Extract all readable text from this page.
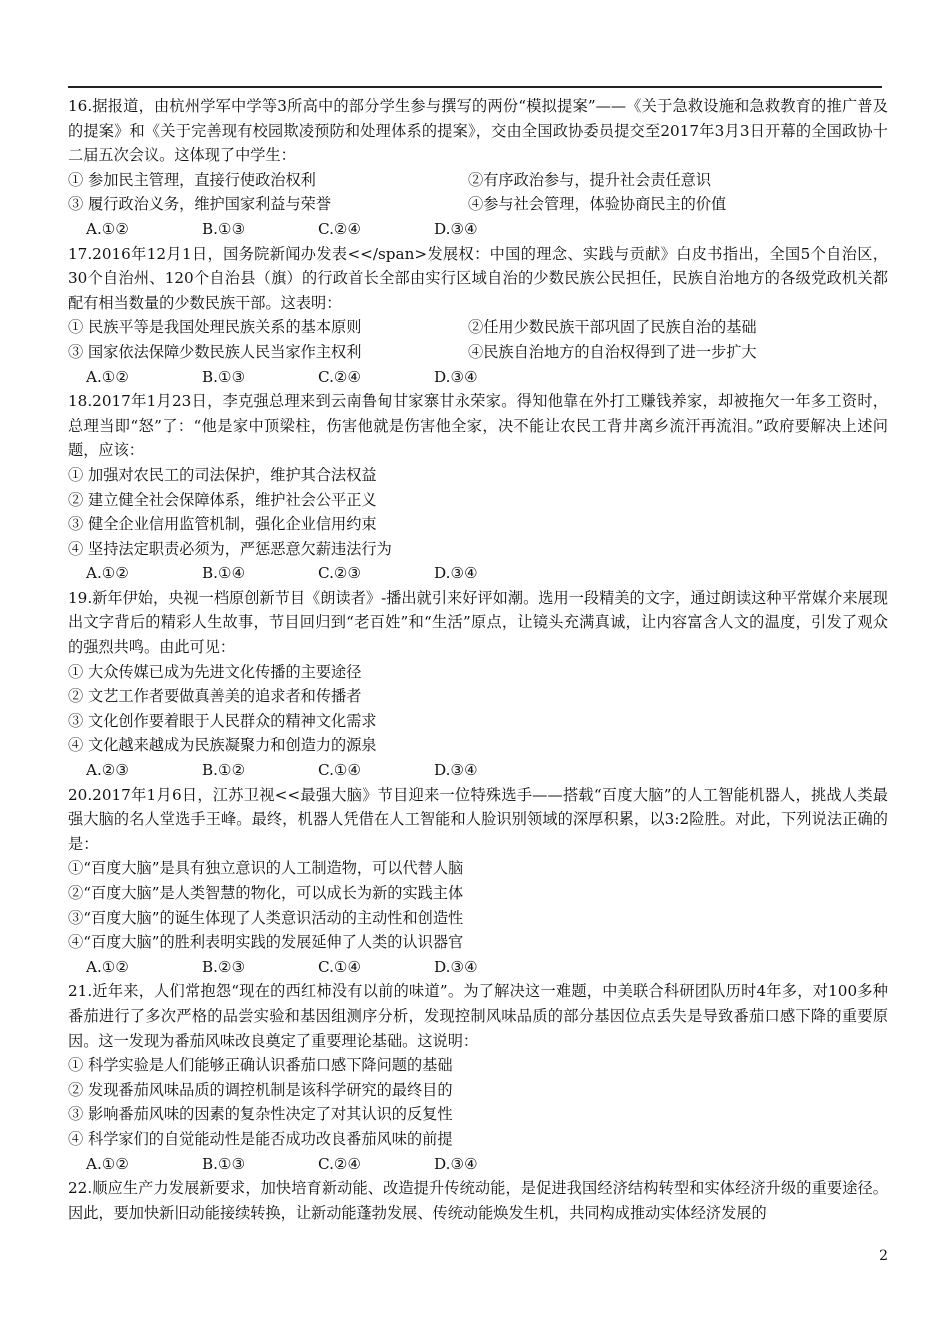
16.据报道，由杭州学军中学等3所高中的部分学生参与撰写的两份“模拟提案”——《关于急救设施和急救教育的推广普及的提案》和《关于完善现有校园欺凌预防和处理体系的提案》，交由全国政协委员提交至2017年3月3日开幕的全国政协十二届五次会议。这体现了中学生：

① 参加民主管理，直接行使政治权利	②有序政治参与，提升社会责任意识
③ 履行政治义务，维护国家利益与荣誉	④参与社会管理，体验协商民主的价值
A.①②	B.①③	C.②④	D.③④

17.2016年12月1日，国务院新闻办发表<</span>发展权：中国的理念、实践与贡献》白皮书指出，全国5个自治区，30个自治州、120个自治县（旗）的行政首长全部由实行区域自治的少数民族公民担任，民族自治地方的各级党政机关都配有相当数量的少数民族干部。这表明：

① 民族平等是我国处理民族关系的基本原则	②任用少数民族干部巩固了民族自治的基础
③ 国家依法保障少数民族人民当家作主权利	④民族自治地方的自治权得到了进一步扩大
A.①②	B.①③	C.②④	D.③④

18.2017年1月23日，李克强总理来到云南鲁甸甘家寨甘永荣家。得知他靠在外打工赚钱养家，却被拖欠一年多工资时，总理当即“怒”了：“他是家中顶梁柱，伤害他就是伤害他全家，决不能让农民工背井离乡流汗再流泪。”政府要解决上述问题，应该：

① 加强对农民工的司法保护，维护其合法权益

② 建立健全社会保障体系，维护社会公平正义

③ 健全企业信用监管机制，强化企业信用约束

④ 坚持法定职责必须为，严惩恶意欠薪违法行为

A.①②	B.①④	C.②③	D.③④

19.新年伊始，央视一档原创新节目《朗读者》-播出就引来好评如潮。选用一段精美的文字，通过朗读这种平常媒介来展现出文字背后的精彩人生故事，节目回归到“老百姓”和“生活”原点，让镜头充满真诚，让内容富含人文的温度，引发了观众的强烈共鸣。由此可见：

① 大众传媒已成为先进文化传播的主要途径

② 文艺工作者要做真善美的追求者和传播者

③ 文化创作要着眼于人民群众的精神文化需求

④ 文化越来越成为民族凝聚力和创造力的源泉

A.②③	B.①②	C.①④	D.③④

20.2017年1月6日，江苏卫视<<最强大脑》节目迎来一位特殊选手——搭载“百度大脑”的人工智能机器人，挑战人类最强大脑的名人堂选手王峰。最终，机器人凭借在人工智能和人脸识别领域的深厚积累，以3:2险胜。对此，下列说法正确的是：

①“百度大脑”是具有独立意识的人工制造物，可以代替人脑

②“百度大脑”是人类智慧的物化，可以成长为新的实践主体

③“百度大脑”的诞生体现了人类意识活动的主动性和创造性

④“百度大脑”的胜利表明实践的发展延伸了人类的认识器官

A.①②	B.②③	C.①④	D.③④

21.近年来，人们常抱怨“现在的西红柿没有以前的味道”。为了解决这一难题，中美联合科研团队历时4年多，对100多种番茄进行了多次严格的品尝实验和基因组测序分析，发现控制风味品质的部分基因位点丢失是导致番茄口感下降的重要原因。这一发现为番茄风味改良奠定了重要理论基础。这说明：

① 科学实验是人们能够正确认识番茄口感下降问题的基础

② 发现番茄风味品质的调控机制是该科学研究的最终目的

③ 影响番茄风味的因素的复杂性决定了对其认识的反复性

④ 科学家们的自觉能动性是能否成功改良番茄风味的前提

A.①②	B.①③	C.②④	D.③④

22.顺应生产力发展新要求，加快培育新动能、改造提升传统动能，是促进我国经济结构转型和实体经济升级的重要途径。因此，要加快新旧动能接续转换，让新动能蓬勃发展、传统动能焕发生机，共同构成推动实体经济发展的

2
